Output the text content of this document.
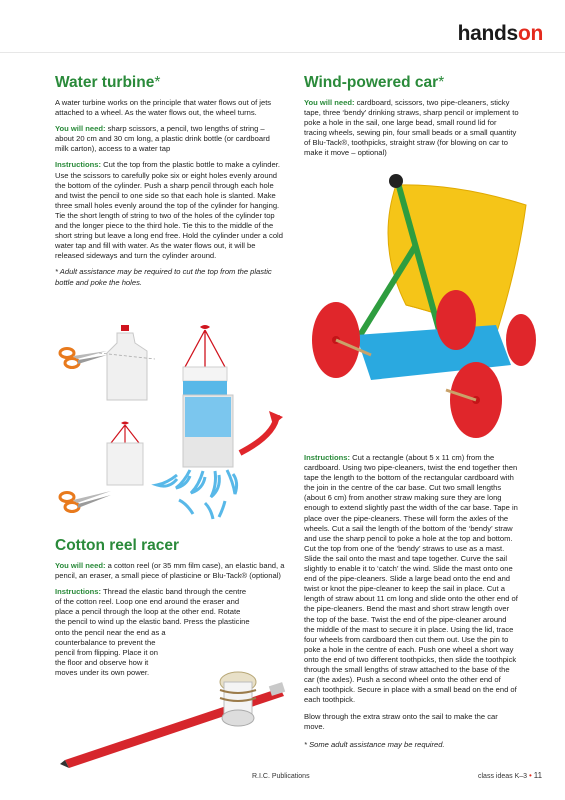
handson
Water turbine*

A water turbine works on the principle that water flows out of jets attached to a wheel. As the water flows out, the wheel turns.

You will need: sharp scissors, a pencil, two lengths of string – about 20 cm and 30 cm long, a plastic drink bottle (or cardboard milk carton), access to a water tap

Instructions: Cut the top from the plastic bottle to make a cylinder. Use the scissors to carefully poke six or eight holes evenly around the bottom of the cylinder. Push a sharp pencil through each hole and twist the pencil to one side so that each hole is slanted. Make three small holes evenly around the top of the cylinder for hanging. Tie the short length of string to two of the holes of the cylinder top and the longer piece to the third hole. Tie this to the middle of the short string but leave a long end free. Hold the cylinder under a cold water tap and fill with water. As the water flows out, it will be released sideways and turn the cylinder around.

* Adult assistance may be required to cut the top from the plastic bottle and poke the holes.

Cotton reel racer

You will need: a cotton reel (or 35 mm film case), an elastic band, a pencil, an eraser, a small piece of plasticine or Blu-Tack® (optional)

Instructions: Thread the elastic band through the centre
of the cotton reel. Loop one end around the eraser and
place a pencil through the loop at the other end. Rotate
the pencil to wind up the elastic band. Press the plasticine
onto the pencil near the end as a
counterbalance to prevent the
pencil from flipping. Place it on
the floor and observe how it
moves under its own power.

Wind-powered car*

You will need: cardboard, scissors, two pipe-cleaners, sticky tape, three ‘bendy’ drinking straws, sharp pencil or implement to poke a hole in the sail, one large bead, small round lid for tracing wheels, sewing pin, four small beads or a small quantity of Blu-Tack®, toothpicks, straight straw (for blowing on car to make it move – optional)

Instructions: Cut a rectangle (about 5 x 11 cm) from the cardboard. Using two pipe-cleaners, twist the end together then tape the length to the bottom of the rectangular cardboard with the join in the centre of the car base. Cut two small lengths (about 6 cm) from another straw making sure they are long enough to extend slightly past the width of the car base. Tape in place over the pipe-cleaners. These will form the axles of the wheels. Cut a sail the length of the bottom of the ‘bendy’ straw and use the sharp pencil to poke a hole at the top and bottom. Cut the top from one of the ‘bendy’ straws to use as a mast. Slide the sail onto the mast and tape together. Curve the sail slightly to enable it to ‘catch’ the wind. Slide the mast onto one end of the pipe-cleaners. Slide a large bead onto the end and twist or knot the pipe-cleaner to keep the sail in place. Cut a length of straw about 11 cm long and slide onto the other end of the pipe-cleaners. Bend the mast and short straw length over the top of the base. Twist the end of the pipe-cleaner around the middle of the mast to secure it in place. Using the lid, trace four wheels from cardboard then cut them out. Use the pin to poke a hole in the centre of each. Push one wheel a short way onto the end of two different toothpicks, then slide the toothpick through the small lengths of straw attached to the base of the car (the axles). Push a second wheel onto the other end of each toothpick. Secure in place with a small bead on the end of each toothpick.

Blow through the extra straw onto the sail to make the car move.

* Some adult assistance may be required.

R.I.C. Publications	class ideas K–3 • 11
